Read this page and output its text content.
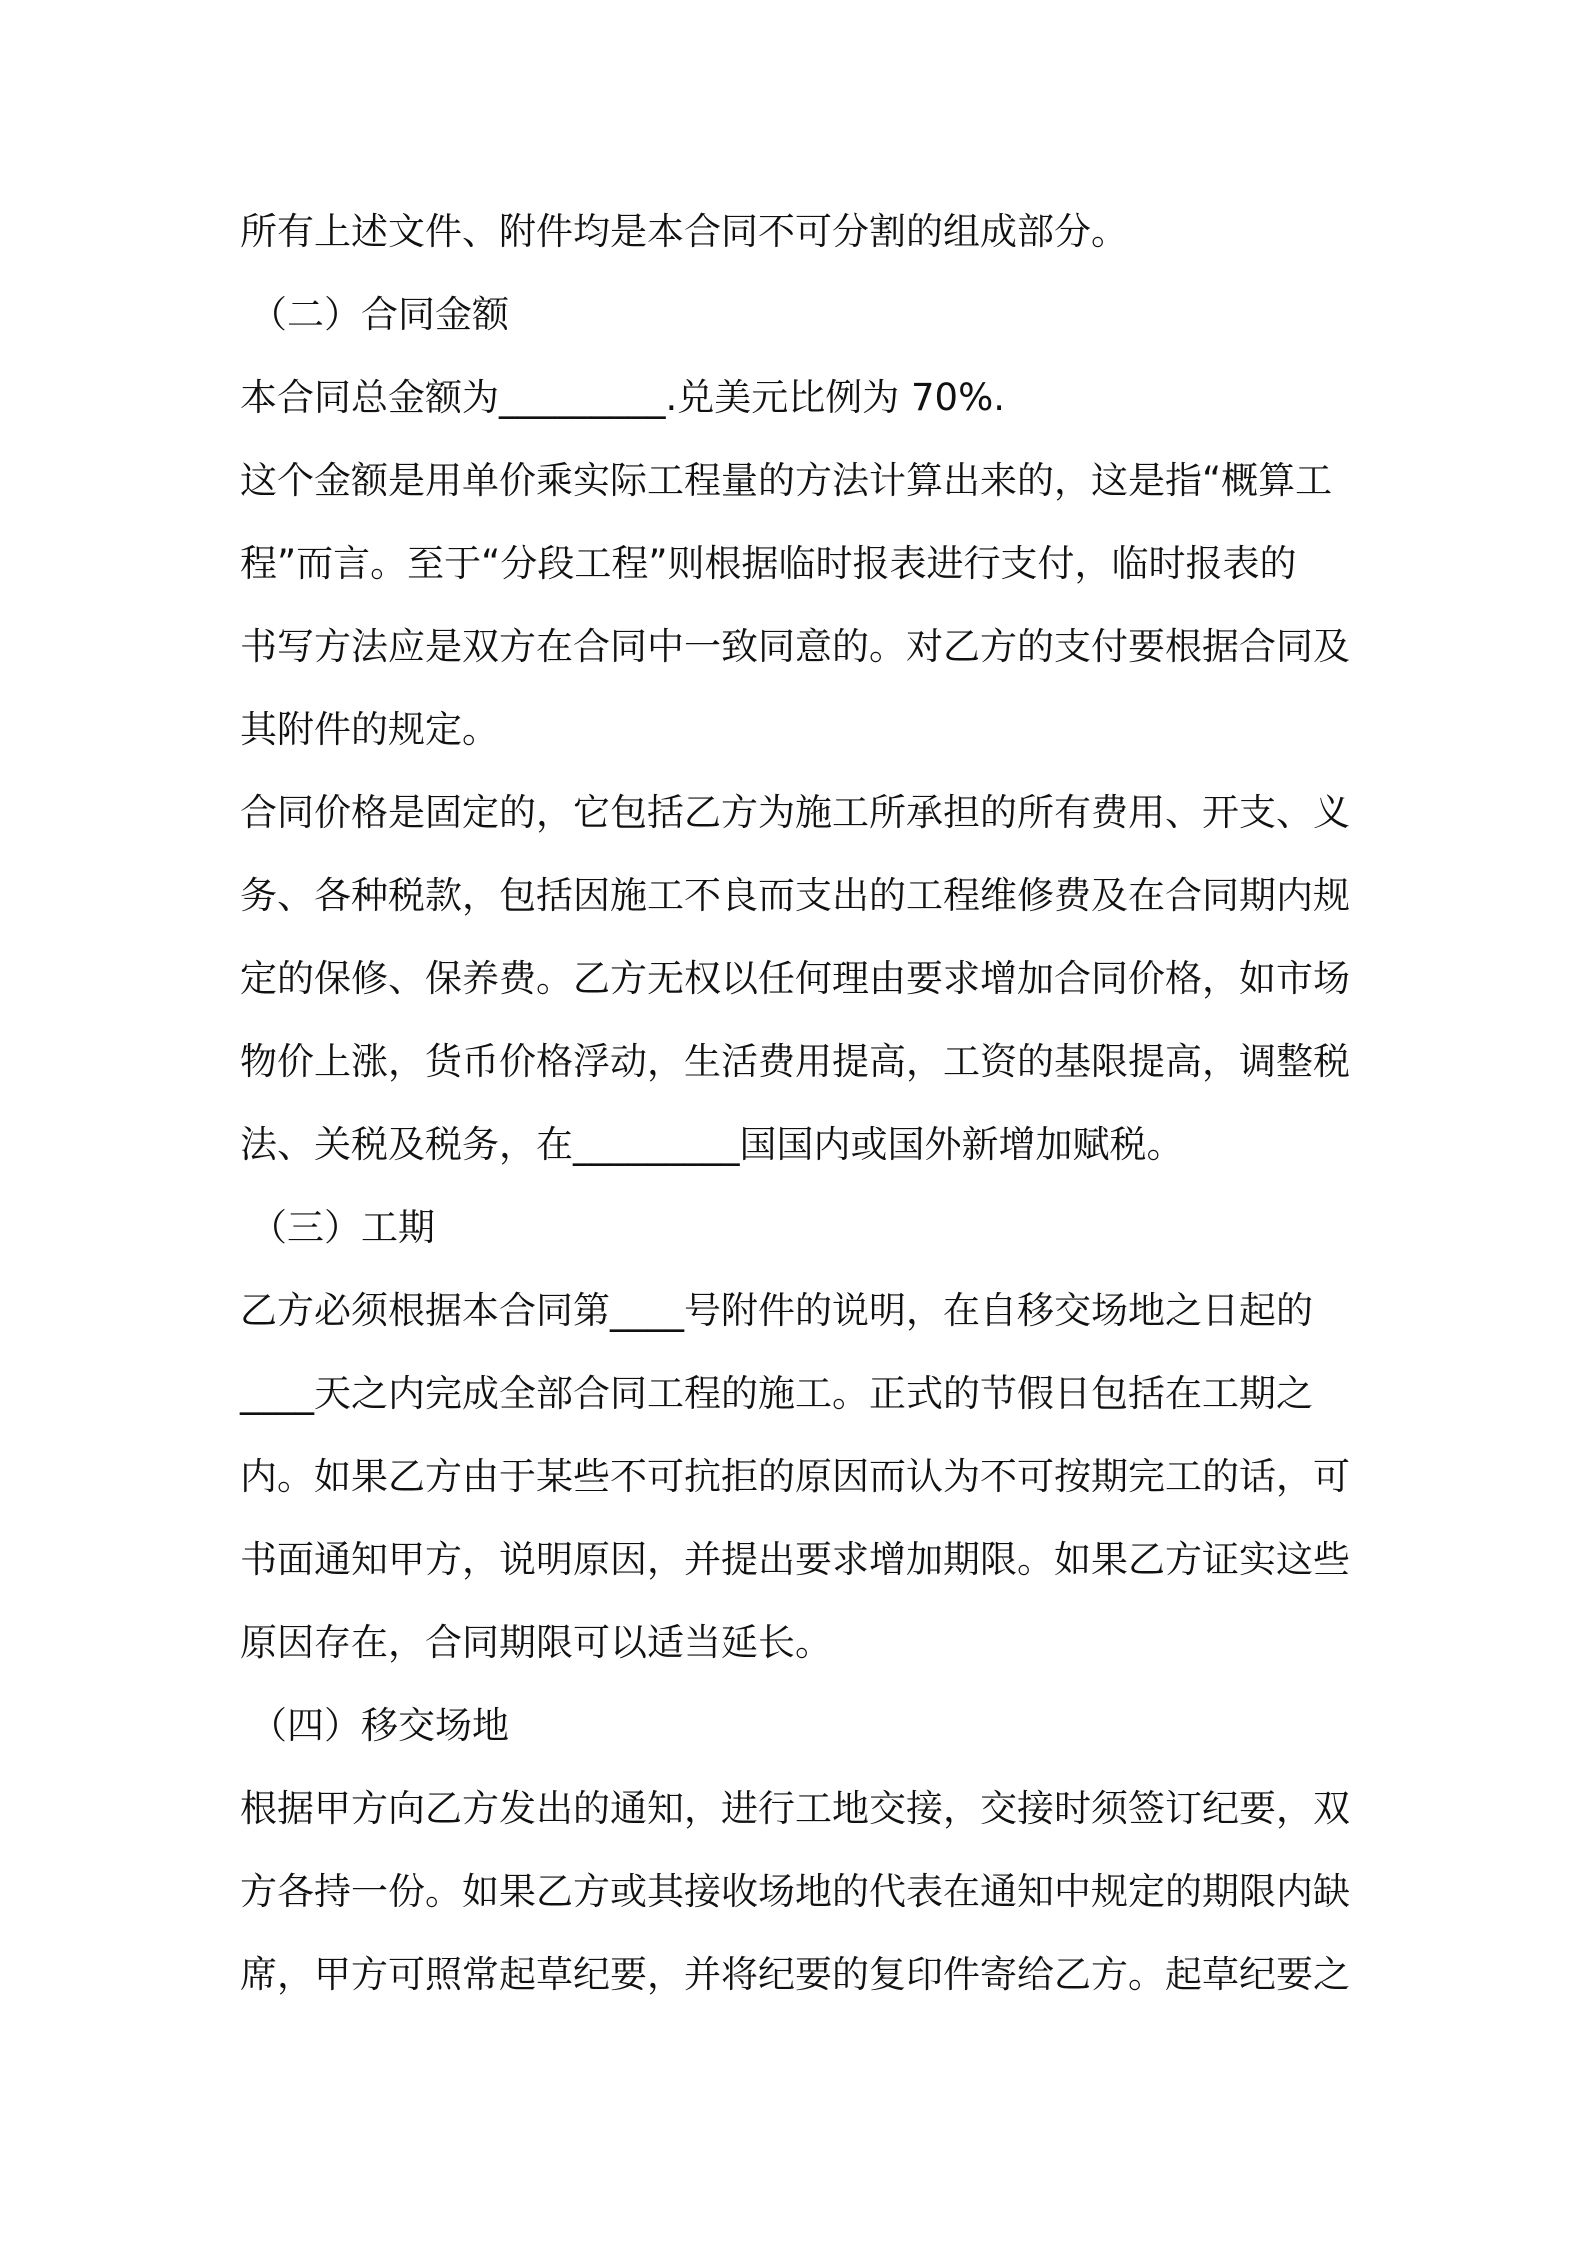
所有上述文件、附件均是本合同不可分割的组成部分。
（二）合同金额
本合同总金额为_________.兑美元比例为 70%.
这个金额是用单价乘实际工程量的方法计算出来的，这是指“概算工
程”而言。至于“分段工程”则根据临时报表进行支付，临时报表的
书写方法应是双方在合同中一致同意的。对乙方的支付要根据合同及
其附件的规定。
合同价格是固定的，它包括乙方为施工所承担的所有费用、开支、义
务、各种税款，包括因施工不良而支出的工程维修费及在合同期内规
定的保修、保养费。乙方无权以任何理由要求增加合同价格，如市场
物价上涨，货币价格浮动，生活费用提高，工资的基限提高，调整税
法、关税及税务，在_________国国内或国外新增加赋税。
（三）工期
乙方必须根据本合同第____号附件的说明，在自移交场地之日起的
____天之内完成全部合同工程的施工。正式的节假日包括在工期之
内。如果乙方由于某些不可抗拒的原因而认为不可按期完工的话，可
书面通知甲方，说明原因，并提出要求增加期限。如果乙方证实这些
原因存在，合同期限可以适当延长。
（四）移交场地
根据甲方向乙方发出的通知，进行工地交接，交接时须签订纪要，双
方各持一份。如果乙方或其接收场地的代表在通知中规定的期限内缺
席，甲方可照常起草纪要，并将纪要的复印件寄给乙方。起草纪要之
